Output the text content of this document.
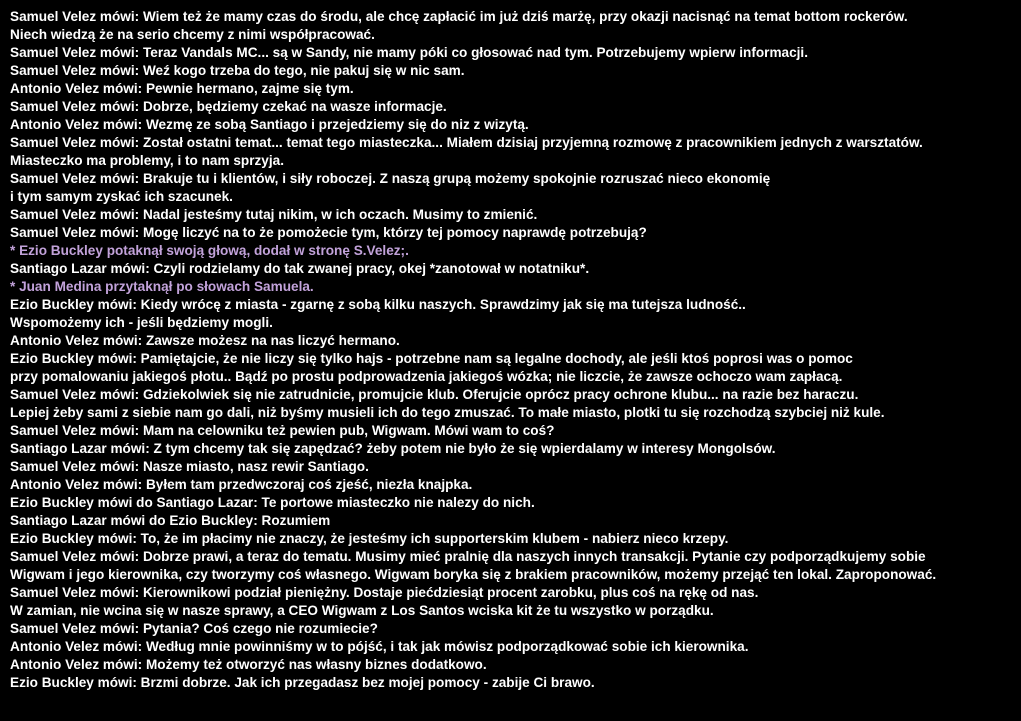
Samuel Velez mówi: Wiem też że mamy czas do środu, ale chcę zapłacić im już dziś marżę, przy okazji nacisnąć na temat bottom rockerów.
Niech wiedzą że na serio chcemy z nimi współpracować.
Samuel Velez mówi: Teraz Vandals MC... są w Sandy, nie mamy póki co głosować nad tym. Potrzebujemy wpierw informacji.
Samuel Velez mówi: Weź kogo trzeba do tego, nie pakuj się w nic sam.
Antonio Velez mówi: Pewnie hermano, zajme się tym.
Samuel Velez mówi: Dobrze, będziemy czekać na wasze informacje.
Antonio Velez mówi: Wezmę ze sobą Santiago i przejedziemy się do niz z wizytą.
Samuel Velez mówi: Został ostatni temat... temat tego miasteczka... Miałem dzisiaj przyjemną rozmowę z pracownikiem jednych z warsztatów.
Miasteczko ma problemy, i to nam sprzyja.
Samuel Velez mówi: Brakuje tu i klientów, i siły roboczej. Z naszą grupą możemy spokojnie rozruszać nieco ekonomię
i tym samym zyskać ich szacunek.
Samuel Velez mówi: Nadal jesteśmy tutaj nikim, w ich oczach. Musimy to zmienić.
Samuel Velez mówi: Mogę liczyć na to że pomożecie tym, którzy tej pomocy naprawdę potrzebują?
* Ezio Buckley potaknął swoją głową, dodał w stronę S.Velez;.
Santiago Lazar mówi: Czyli rodzielamy do tak zwanej pracy, okej *zanotował w notatniku*.
* Juan Medina przytaknął po słowach Samuela.
Ezio Buckley mówi: Kiedy wrócę z miasta - zgarnę z sobą kilku naszych. Sprawdzimy jak się ma tutejsza ludność..
Wspomożemy ich - jeśli będziemy mogli.
Antonio Velez mówi: Zawsze możesz na nas liczyć hermano.
Ezio Buckley mówi: Pamiętajcie, że nie liczy się tylko hajs - potrzebne nam są legalne dochody, ale jeśli ktoś poprosi was o pomoc
przy pomalowaniu jakiegoś płotu.. Bądź po prostu podprowadzenia jakiegoś wózka; nie liczcie, że zawsze ochoczo wam zapłacą.
Samuel Velez mówi: Gdziekolwiek się nie zatrudnicie, promujcie klub. Oferujcie oprócz pracy ochrone klubu... na razie bez haraczu.
Lepiej żeby sami z siebie nam go dali, niż byśmy musieli ich do tego zmuszać. To małe miasto, plotki tu się rozchodzą szybciej niż kule.
Samuel Velez mówi: Mam na celowniku też pewien pub, Wigwam. Mówi wam to coś?
Santiago Lazar mówi: Z tym chcemy tak się zapędzać? żeby potem nie było że się wpierdalamy w interesy Mongolsów.
Samuel Velez mówi: Nasze miasto, nasz rewir Santiago.
Antonio Velez mówi: Byłem tam przedwczoraj coś zjeść, niezła knajpka.
Ezio Buckley mówi do Santiago Lazar: Te portowe miasteczko nie nalezy do nich.
Santiago Lazar mówi do Ezio Buckley: Rozumiem
Ezio Buckley mówi: To, że im płacimy nie znaczy, że jesteśmy ich supporterskim klubem - nabierz nieco krzepy.
Samuel Velez mówi: Dobrze prawi, a teraz do tematu. Musimy mieć pralnię dla naszych innych transakcji. Pytanie czy podporządkujemy sobie
Wigwam i jego kierownika, czy tworzymy coś własnego. Wigwam boryka się z brakiem pracowników, możemy przejąć ten lokal. Zaproponować.
Samuel Velez mówi: Kierownikowi podział pieniężny. Dostaje piećdziesiąt procent zarobku, plus coś na rękę od nas.
W zamian, nie wcina się w nasze sprawy, a CEO Wigwam z Los Santos wciska kit że tu wszystko w porządku.
Samuel Velez mówi: Pytania? Coś czego nie rozumiecie?
Antonio Velez mówi: Według mnie powinniśmy w to pójść, i tak jak mówisz podporządkować sobie ich kierownika.
Antonio Velez mówi: Możemy też otworzyć nas własny biznes dodatkowo.
Ezio Buckley mówi: Brzmi dobrze. Jak ich przegadasz bez mojej pomocy - zabije Ci brawo.
